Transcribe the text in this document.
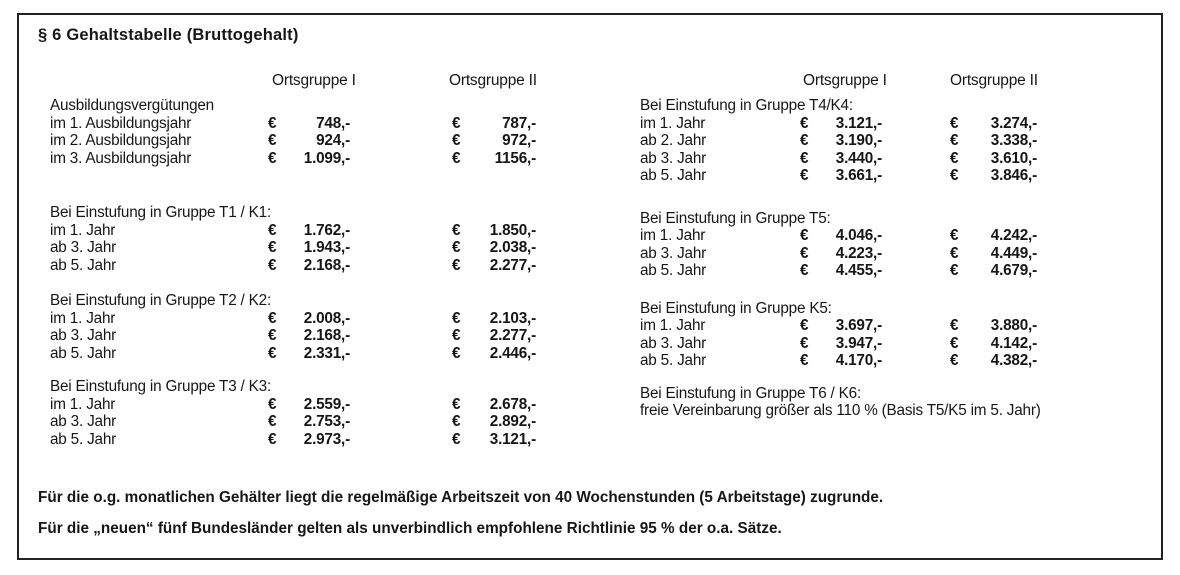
§ 6 Gehaltstabelle (Bruttogehalt)
Ortsgruppe I	Ortsgruppe II	Ortsgruppe I	Ortsgruppe II
Ausbildungsvergütungen
im 1. Ausbildungsjahr	€	748,-	€	787,-
im 2. Ausbildungsjahr	€	924,-	€	972,-
im 3. Ausbildungsjahr	€	1.099,-	€	1156,-
Bei Einstufung in Gruppe T1 / K1:
im 1. Jahr	€	1.762,-	€	1.850,-
ab 3. Jahr	€	1.943,-	€	2.038,-
ab 5. Jahr	€	2.168,-	€	2.277,-
Bei Einstufung in Gruppe T2 / K2:
im 1. Jahr	€	2.008,-	€	2.103,-
ab 3. Jahr	€	2.168,-	€	2.277,-
ab 5. Jahr	€	2.331,-	€	2.446,-
Bei Einstufung in Gruppe T3 / K3:
im 1. Jahr	€	2.559,-	€	2.678,-
ab 3. Jahr	€	2.753,-	€	2.892,-
ab 5. Jahr	€	2.973,-	€	3.121,-
Bei Einstufung in Gruppe T4/K4:
im 1. Jahr	€	3.121,-	€	3.274,-
ab 2. Jahr	€	3.190,-	€	3.338,-
ab 3. Jahr	€	3.440,-	€	3.610,-
ab 5. Jahr	€	3.661,-	€	3.846,-
Bei Einstufung in Gruppe T5:
im 1. Jahr	€	4.046,-	€	4.242,-
ab 3. Jahr	€	4.223,-	€	4.449,-
ab 5. Jahr	€	4.455,-	€	4.679,-
Bei Einstufung in Gruppe K5:
im 1. Jahr	€	3.697,-	€	3.880,-
ab 3. Jahr	€	3.947,-	€	4.142,-
ab 5. Jahr	€	4.170,-	€	4.382,-
Bei Einstufung in Gruppe T6 / K6:
freie Vereinbarung größer als 110 % (Basis T5/K5 im 5. Jahr)
Für die o.g. monatlichen Gehälter liegt die regelmäßige Arbeitszeit von 40 Wochenstunden (5 Arbeitstage) zugrunde.
Für die „neuen“ fünf Bundesländer gelten als unverbindlich empfohlene Richtlinie 95 % der o.a. Sätze.
